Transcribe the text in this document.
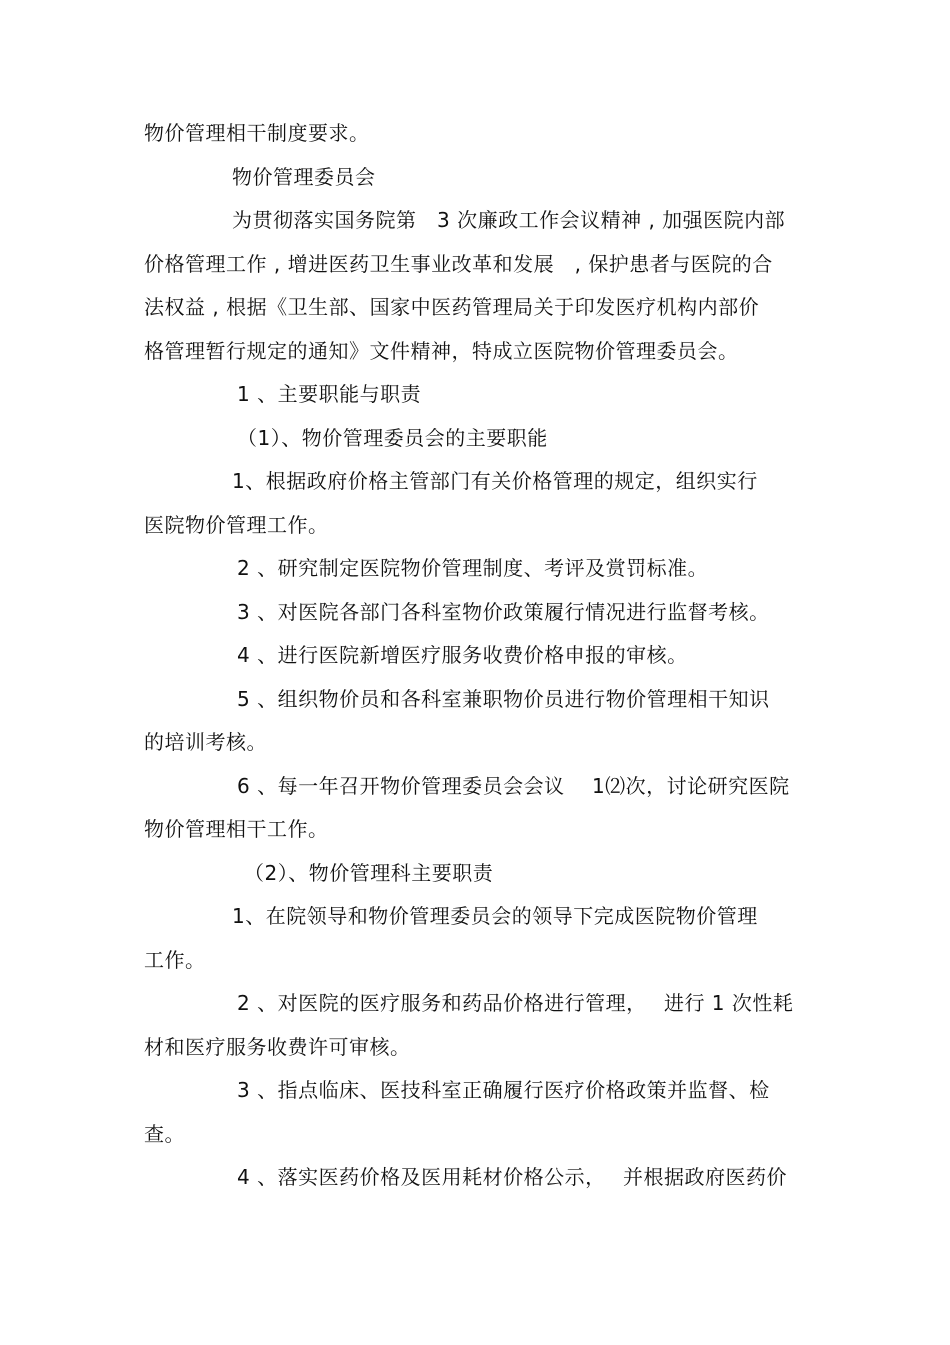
物价管理相干制度要求。
物价管理委员会
为贯彻落实国务院第　3 次廉政工作会议精神 , 加强医院内部
价格管理工作 , 增进医药卫生事业改革和发展　, 保护患者与医院的合
法权益 , 根据《卫生部、国家中医药管理局关于印发医疗机构内部价
格管理暂行规定的通知》文件精神，特成立医院物价管理委员会。
1 、主要职能与职责
（1）、物价管理委员会的主要职能
1、根据政府价格主管部门有关价格管理的规定，组织实行
医院物价管理工作。
2 、研究制定医院物价管理制度、考评及赏罚标准。
3 、对医院各部门各科室物价政策履行情况进行监督考核。
4 、进行医院新增医疗服务收费价格申报的审核。
5 、组织物价员和各科室兼职物价员进行物价管理相干知识
的培训考核。
6 、每一年召开物价管理委员会会议　 1⑵次，讨论研究医院
物价管理相干工作。
（2）、物价管理科主要职责
1、在院领导和物价管理委员会的领导下完成医院物价管理
工作。
2 、对医院的医疗服务和药品价格进行管理，　 进行 1 次性耗
材和医疗服务收费许可审核。
3 、指点临床、医技科室正确履行医疗价格政策并监督、检
查。
4 、落实医药价格及医用耗材价格公示，　 并根据政府医药价
